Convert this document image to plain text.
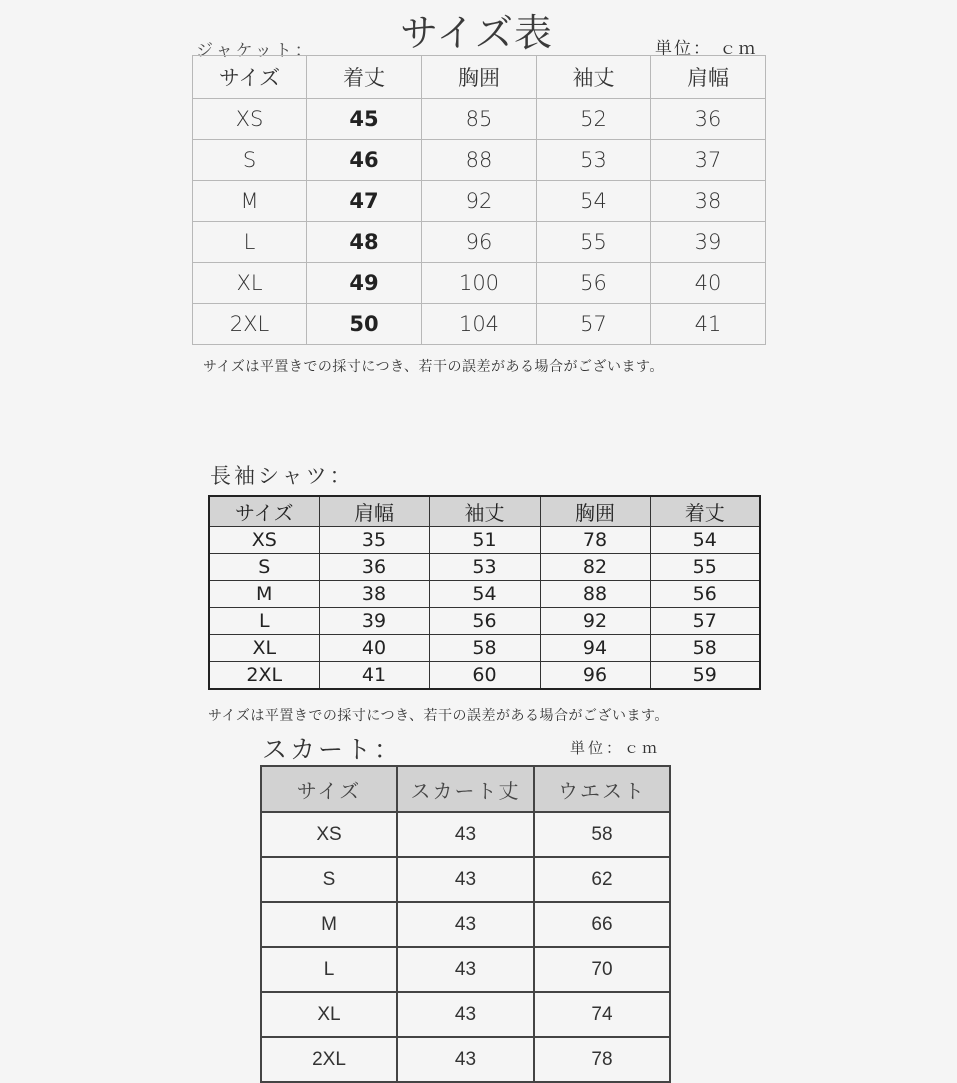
サイズ表
ジャケット：	単位： ｃｍ
サイズ	着丈	胸囲	袖丈	肩幅
XS	45	85	52	36
S	46	88	53	37
M	47	92	54	38
L	48	96	55	39
XL	49	100	56	40
2XL	50	104	57	41
サイズは平置きでの採寸につき、若干の誤差がある場合がございます。
長袖シャツ：
サイズ	肩幅	袖丈	胸囲	着丈
XS	35	51	78	54
S	36	53	82	55
M	38	54	88	56
L	39	56	92	57
XL	40	58	94	58
2XL	41	60	96	59
サイズは平置きでの採寸につき、若干の誤差がある場合がございます。
スカート：	単位：ｃｍ
サイズ	スカート丈	ウエスト
XS	43	58
S	43	62
M	43	66
L	43	70
XL	43	74
2XL	43	78
